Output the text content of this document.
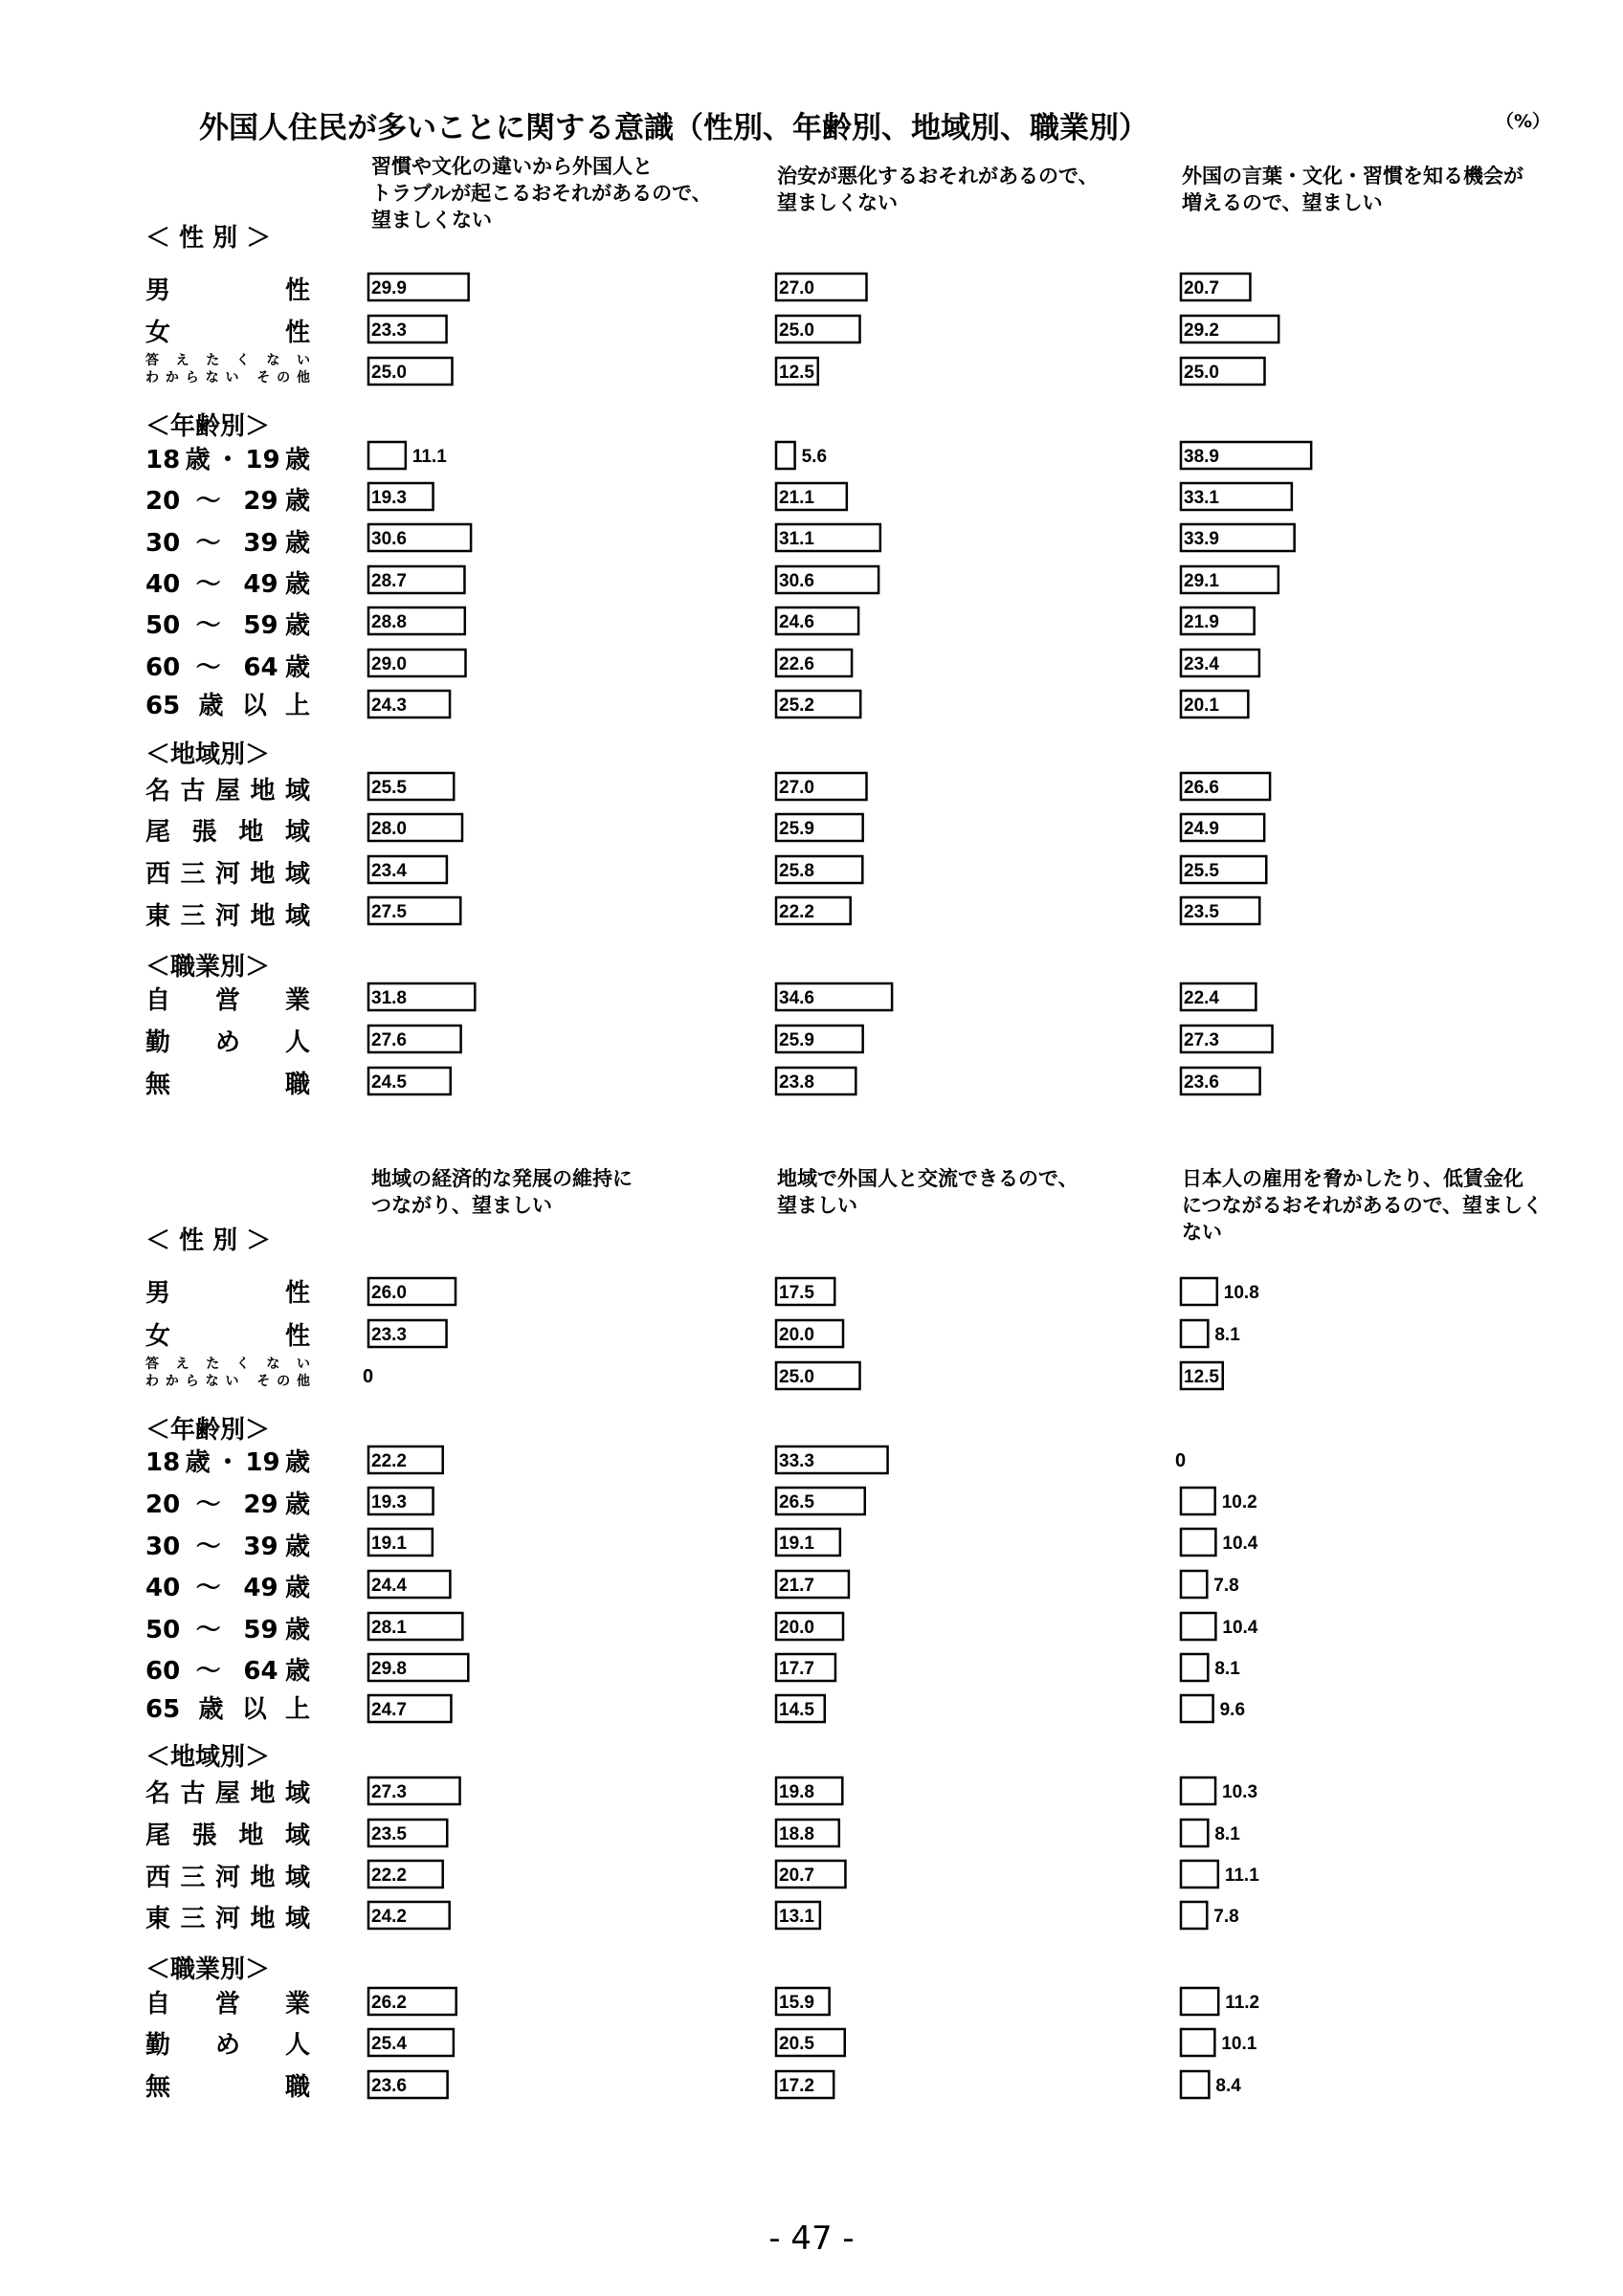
外国人住民が多いことに関する意識（性別、年齢別、地域別、職業別）	（%）
習慣や文化の違いから外国人と
トラブルが起こるおそれがあるので、
望ましくない
治安が悪化するおそれがあるので、
望ましくない
外国の言葉・文化・習慣を知る機会が
増えるので、望ましい
地域の経済的な発展の維持に
つながり、望ましい
地域で外国人と交流できるので、
望ましい
日本人の雇用を脅かしたり、低賃金化
につながるおそれがあるので、望ましく
ない
＜ 性 別 ＞
男　性
女　性
答えたくない
わからない その他
＜年齢別＞
18歳・19歳
20 ～ 29歳
30 ～ 39歳
40 ～ 49歳
50 ～ 59歳
60 ～ 64歳
65歳以上
＜地域別＞
名古屋地域
尾張地域
西三河地域
東三河地域
＜職業別＞
自営業
勤め人
無職
＜ 性 別 ＞
男　性
女　性
答えたくない
わからない その他
＜年齢別＞
18歳・19歳
20 ～ 29歳
30 ～ 39歳
40 ～ 49歳
50 ～ 59歳
60 ～ 64歳
65歳以上
＜地域別＞
名古屋地域
尾張地域
西三河地域
東三河地域
＜職業別＞
自営業
勤め人
無職
29.9
23.3
25.0
11.1
19.3
30.6
28.7
28.8
29.0
24.3
25.5
28.0
23.4
27.5
31.8
27.6
24.5
27.0
25.0
12.5
5.6
21.1
31.1
30.6
24.6
22.6
25.2
27.0
25.9
25.8
22.2
34.6
25.9
23.8
20.7
29.2
25.0
38.9
33.1
33.9
29.1
21.9
23.4
20.1
26.6
24.9
25.5
23.5
22.4
27.3
23.6
26.0
23.3
0
22.2
19.3
19.1
24.4
28.1
29.8
24.7
27.3
23.5
22.2
24.2
26.2
25.4
23.6
17.5
20.0
25.0
33.3
26.5
19.1
21.7
20.0
17.7
14.5
19.8
18.8
20.7
13.1
15.9
20.5
17.2
10.8
8.1
12.5
0
10.2
10.4
7.8
10.4
8.1
9.6
10.3
8.1
11.1
7.8
11.2
10.1
8.4
- 47 -
